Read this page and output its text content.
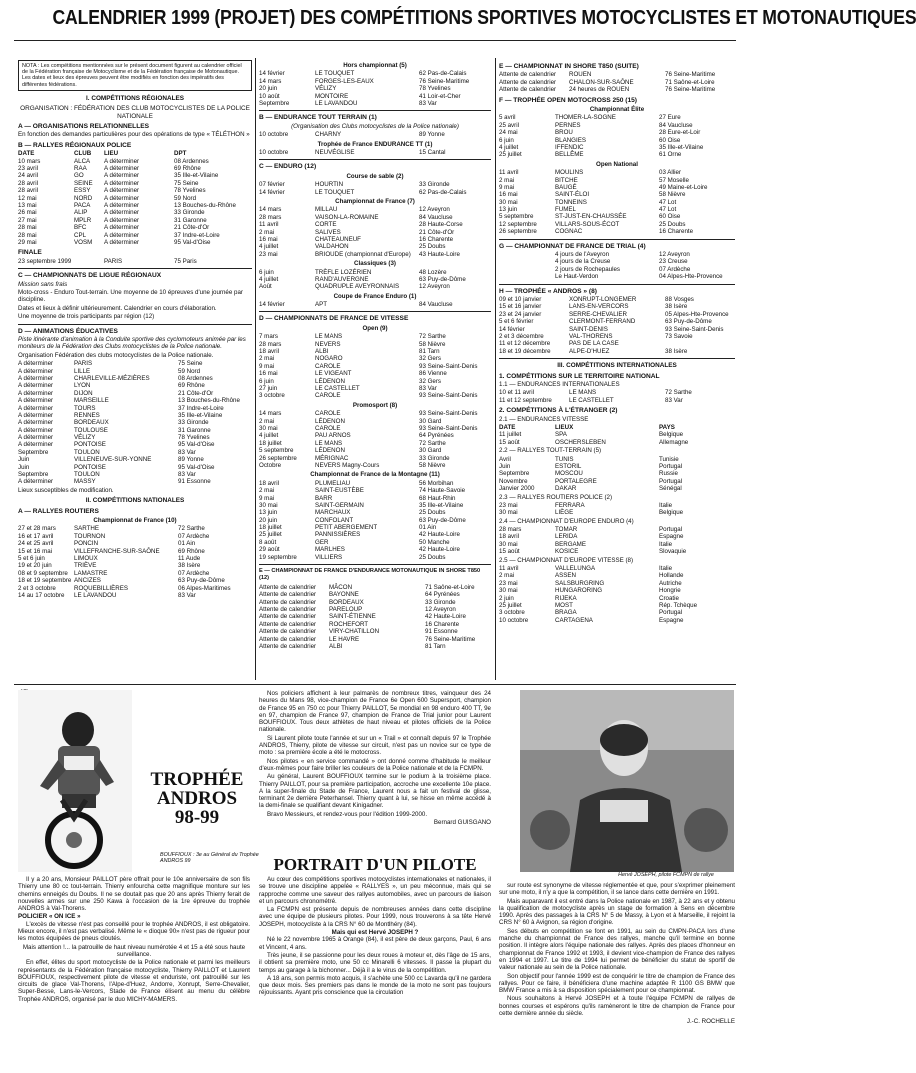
CALENDRIER 1999 (PROJET) DES COMPÉTITIONS SPORTIVES MOTOCYCLISTES ET MOTONAUTIQUES
NOTA : Les compétitions mentionnées sur le présent document figurent au calendrier officiel de la Fédération française de Motocyclisme et de la Fédération française de Motonautique. Les dates et lieux des épreuves peuvent être modifiés en fonction des impératifs des différentes fédérations.
I. COMPÉTITIONS RÉGIONALES
ORGANISATION : FÉDÉRATION DES CLUB MOTOCYCLISTES DE LA POLICE NATIONALE
A — ORGANISATIONS RELATIONNELLES
En fonction des demandes particulières pour des opérations de type « TÉLÉTHON »
B — RALLYES RÉGIONAUX POLICE
DATE	CLUB	LIEU	DPT
10 mars	ALCA	A déterminer	08 Ardennes
23 avril	RAA	A déterminer	69 Rhône
24 avril	GO	A déterminer	35 Ille-et-Vilaine
28 avril	SEINE	A déterminer	75 Seine
28 avril	ESSY	A déterminer	78 Yvelines
12 mai	NORD	A déterminer	59 Nord
13 mai	PACA	A déterminer	13 Bouches-du-Rhône
26 mai	ALIP	A déterminer	33 Gironde
27 mai	MPLR	A déterminer	31 Garonne
28 mai	BFC	A déterminer	21 Côte-d'Or
28 mai	CPL	A déterminer	37 Indre-et-Loire
29 mai	VOSM	A déterminer	95 Val-d'Oise
FINALE
23 septembre 1999	PARIS	75 Paris
C — CHAMPIONNATS DE LIGUE RÉGIONAUX
Mission sans frais
Moto-cross - Enduro Tout-terrain. Une moyenne de 10 épreuves d'une journée par discipline.
Dates et lieux à définir ultérieurement. Calendrier en cours d'élaboration.
Une moyenne de trois participants par région (12)
D — ANIMATIONS ÉDUCATIVES
Piste itinérante d'animation à la Conduite sportive des cyclomoteurs animée par les moniteurs de la Fédération des Clubs motocyclistes de la Police nationale.
Organisation Fédération des clubs motocyclistes de la Police nationale.
A déterminer	PARIS	75 Seine
A déterminer	LILLE	59 Nord
A déterminer	CHARLEVILLE-MÉZIÈRES	08 Ardennes
A déterminer	LYON	69 Rhône
A déterminer	DIJON	21 Côte-d'Or
A déterminer	MARSEILLE	13 Bouches-du-Rhône
A déterminer	TOURS	37 Indre-et-Loire
A déterminer	RENNES	35 Ille-et-Vilaine
A déterminer	BORDEAUX	33 Gironde
A déterminer	TOULOUSE	31 Garonne
A déterminer	VÉLIZY	78 Yvelines
A déterminer	PONTOISE	95 Val-d'Oise
Septembre	TOULON	83 Var
Juin	VILLENEUVE-SUR-YONNE	89 Yonne
Juin	PONTOISE	95 Val-d'Oise
Septembre	TOULON	83 Var
A déterminer	MASSY	91 Essonne
Lieux susceptibles de modification.
II. COMPÉTITIONS NATIONALES
A — RALLYES ROUTIERS
Championnat de France (10)
27 et 28 mars	SARTHE	72 Sarthe
16 et 17 avril	TOURNON	07 Ardèche
24 et 25 avril	PONCIN	01 Ain
15 et 16 mai	VILLEFRANCHE-SUR-SAÔNE	69 Rhône
5 et 6 juin	LIMOUX	11 Aude
19 et 20 juin	TRIÈVE	38 Isère
08 et 9 septembre LAMASTRE	07 Ardèche
18 et 19 septembre ANCIZES	63 Puy-de-Dôme
2 et 3 octobre	ROQUEBILLIÈRES	06 Alpes-Maritimes
14 au 17 octobre	LE LAVANDOU	83 Var
Hors championnat (5)
14 février	LE TOUQUET	62 Pas-de-Calais
14 mars	FORGES-LES-EAUX	76 Seine-Maritime
20 juin	VÉLIZY	78 Yvelines
10 août	MONTOIRE	41 Loir-et-Cher
Septembre	LE LAVANDOU	83 Var
B — ENDURANCE TOUT TERRAIN (1)
(Organisation des Clubs motocyclistes de la Police nationale)
10 octobre	CHARNY	89 Yonne
Trophée de France ENDURANCE TT (1)
10 octobre	NEUVÉGLISE	15 Cantal
C — ENDURO (12)
Course de sable (2)
07 février	HOURTIN	33 Gironde
14 février	LE TOUQUET	62 Pas-de-Calais
Championnat de France (7)
14 mars	MILLAU	12 Aveyron
28 mars	VAISON-LA-ROMAINE	84 Vaucluse
11 avril	CORTE	28 Haute-Corse
2 mai	SALIVES	21 Côte-d'Or
16 mai	CHATEAUNEUF	16 Charente
4 juillet	VALDAHON	25 Doubs
23 mai	BRIOUDE (championnat d'Europe)	43 Haute-Loire
Classiques (3)
6 juin	TRÈFLE LOZÉRIEN	48 Lozère
4 juillet	RAND'AUVERGNE	63 Puy-de-Dôme
Août	QUADRUPLE AVEYRONNAIS	12 Aveyron
Coupe de France Enduro (1)
14 février	APT	84 Vaucluse
D — CHAMPIONNATS DE FRANCE DE VITESSE
Open (9)
7 mars	LE MANS	72 Sarthe
28 mars	NEVERS	58 Nièvre
18 avril	ALBI	81 Tarn
2 mai	NOGARO	32 Gers
9 mai	CAROLE	93 Seine-Saint-Denis
16 mai	LE VIGEANT	86 Vienne
6 juin	LÉDENON	32 Gers
27 juin	LE CASTELLET	83 Var
3 octobre	CAROLE	93 Seine-Saint-Denis
Promosport (8)
14 mars	CAROLE	93 Seine-Saint-Denis
2 mai	LÉDENON	30 Gard
30 mai	CAROLE	93 Seine-Saint-Denis
4 juillet	PAU ARNOS	64 Pyrénées
18 juillet	LE MANS	72 Sarthe
5 septembre	LÉDENON	30 Gard
26 septembre	MÉRIGNAC	33 Gironde
Octobre	NEVERS Magny-Cours	58 Nièvre
Championnat de France de la Montagne (11)
18 avril	PLUMELIAU	56 Morbihan
2 mai	SAINT-EUSTÈBE	74 Haute-Savoie
9 mai	BARR	68 Haut-Rhin
30 mai	SAINT-GERMAIN	35 Ille-et-Vilaine
13 juin	MARCHAUX	25 Doubs
20 juin	CONFOLANT	63 Puy-de-Dôme
18 juillet	PETIT ABERGEMENT	01 Ain
25 juillet	PANNISSIÈRES	42 Haute-Loire
8 août	GER	50 Manche
29 août	MARLHES	42 Haute-Loire
19 septembre	VILLIERS	25 Doubs
E — CHAMPIONNAT DE FRANCE D'ENDURANCE MOTONAUTIQUE IN SHORE T850 (12)
Attente de calendrier	MÂCON	71 Saône-et-Loire
Attente de calendrier	BAYONNE	64 Pyrénées
Attente de calendrier	BORDEAUX	33 Gironde
Attente de calendrier	PARELOUP	12 Aveyron
Attente de calendrier	SAINT-ÉTIENNE	42 Haute-Loire
Attente de calendrier	ROCHEFORT	16 Charente
Attente de calendrier	VIRY-CHATILLON	91 Essonne
Attente de calendrier	LE HAVRE	76 Seine-Maritime
Attente de calendrier	ALBI	81 Tarn
E — CHAMPIONNAT IN SHORE T850 (SUITE)
Attente de calendrier	ROUEN	76 Seine-Maritime
Attente de calendrier	CHALON-SUR-SAÔNE	71 Saône-et-Loire
Attente de calendrier	24 heures de ROUEN	76 Seine-Maritime
F — TROPHÉE OPEN MOTOCROSS 250 (15)
Championnat Élite
5 avril	THOMER-LA-SOGNE	27 Eure
25 avril	PERNES	84 Vaucluse
24 mai	BROU	28 Eure-et-Loir
6 juin	BLANGIES	60 Oise
4 juillet	IFFENDIC	35 Ille-et-Vilaine
25 juillet	BELLÊME	61 Orne
Open National
11 avril	MOULINS	03 Allier
2 mai	BITCHE	57 Moselle
9 mai	BAUGÉ	49 Maine-et-Loire
16 mai	SAINT-ÉLOI	58 Nièvre
30 mai	TONNEINS	47 Lot
13 juin	FUMEL	47 Lot
5 septembre	ST-JUST-EN-CHAUSSÉE	60 Oise
12 septembre	VILLARS-SOUS-ÉCOT	25 Doubs
26 septembre	COGNAC	16 Charente
G — CHAMPIONNAT DE FRANCE DE TRIAL (4)
4 jours de l'Aveyron	12 Aveyron
4 jours de la Creuse	23 Creuse
2 jours de Rochepaules	07 Ardèche
Le Haut-Verdon	04 Alpes-Hte-Provence
H — TROPHÉE « ANDROS » (8)
09 et 10 janvier	XONRUPT-LONGEMER	88 Vosges
15 et 16 janvier	LANS-EN-VERCORS	38 Isère
23 et 24 janvier	SERRE-CHEVALIER	05 Alpes-Hte-Provence
5 et 6 février	CLERMONT-FERRAND	63 Puy-de-Dôme
14 février	SAINT-DENIS	93 Seine-Saint-Denis
2 et 3 décembre	VAL-THORENS	73 Savoie
11 et 12 décembre	PAS DE LA CASE
18 et 19 décembre	ALPE-D'HUEZ	38 Isère
III. COMPÉTITIONS INTERNATIONALES
1. COMPÉTITIONS SUR LE TERRITOIRE NATIONAL
1.1 — ENDURANCES INTERNATIONALES
10 et 11 avril	LE MANS	72 Sarthe
11 et 12 septembre	LE CASTELLET	83 Var
2. COMPÉTITIONS À L'ÉTRANGER (2)
2.1 — ENDURANCES VITESSE
DATE	LIEUX	PAYS
11 juillet	SPA	Belgique
15 août	OSCHERSLEBEN	Allemagne
2.2 — RALLYES TOUT-TERRAIN (5)
Avril	TUNIS	Tunisie
Juin	ESTORIL	Portugal
Septembre	MOSCOU	Russie
Novembre	PORTALEGRE	Portugal
Janvier 2000	DAKAR	Sénégal
2.3 — RALLYES ROUTIERS POLICE (2)
23 mai	FERRARA	Italie
30 mai	LIÈGE	Belgique
2.4 — CHAMPIONNAT D'EUROPE ENDURO (4)
28 mars	TOMAR	Portugal
18 avril	LERIDA	Espagne
30 mai	BERGAME	Italie
15 août	KOSICE	Slovaquie
2.5 — CHAMPIONNAT D'EUROPE VITESSE (8)
11 avril	VALLELUNGA	Italie
2 mai	ASSEN	Hollande
23 mai	SALSBURGRING	Autriche
30 mai	HUNGARORING	Hongrie
2 juin	RIJEKA	Croatie
25 juillet	MOST	Rép. Tchèque
3 octobre	BRAGA	Portugal
10 octobre	CARTAGENA	Espagne
TROPHÉE
ANDROS
98-99
BOUFFIOUX : 3e au Général du Trophée ANDROS 99

Il y a 20 ans, Monsieur PAILLOT père offrait pour le 10e anniversaire de son fils Thierry une 80 cc tout-terrain. Thierry enfourcha cette magnifique monture sur les chemins enneigés du Doubs. Il ne se doutait pas que 20 ans après Thierry ferait de nouvelles armes sur une 250 Kawa à l'occasion de la 1re épreuve du trophée ANDROS à Val-Thorens.

POLICIER « ON ICE »

L'excès de vitesse n'est pas conseillé pour le trophée ANDROS, il est obligatoire. Mieux encore, il n'est pas verbalisé. Même le « dioque 90» n'est pas de rigueur pour les motos équipées de pneus cloutés.

Mais attention !... la patrouille de haut niveau numérotée 4 et 15 a été sous haute surveillance.

En effet, élites du sport motocycliste de la Police nationale et parmi les meilleurs représentants de la Fédération française motocycliste, Thierry PAILLOT et Laurent BOUFFIOUX, respectivement pilote de vitesse et enduriste, ont patrouillé sur les circuits de glace Val-Thorens, l'Alpe-d'Huez, Andorre, Xonrupt, Serre-Chevalier, Super-Besse, Lans-le-Vercors, Stade de France élisent au menu du célèbre Trophée ANDROS, organisé par le duo MICHY-MAMERS.

Nos policiers affichent à leur palmarès de nombreux titres, vainqueur des 24 heures du Mans 98, vice-champion de France 6e Open 600 Supersport, champion de France 95 en 750 cc pour Thierry PAILLOT, 5e mondial en 98 enduro 400 TT, 9e en 97, champion de France 97, champion de France de Trial junior pour Laurent BOUFFIOUX. Tous deux athlètes de haut niveau et pilotes officiels de la Police nationale.

Si Laurent pilote toute l'année et sur un « Trail » et connaît depuis 97 le Trophée ANDROS, Thierry, pilote de vitesse sur circuit, n'est pas un novice sur ce type de moto : sa première école a été le motocross.

Nos pilotes « en service commandé » ont donné comme d'habitude le meilleur d'eux-mêmes pour faire briller les couleurs de la Police nationale et de la FCMPN.

Au général, Laurent BOUFFIOUX termine sur le podium à la troisième place. Thierry PAILLOT, pour sa première participation, accroche une excellente 10e place. A la super-finale du Stade de France, Laurent nous a fait un festival de glisse, terminant 2e derrière Peterhansel. Thierry quant à lui, se hisse en même accédé à la demi-finale se qualifiant devant Kinigadner.

Bravo Messieurs, et rendez-vous pour l'édition 1999-2000.

Bernard GUISGANO
PORTRAIT D'UN PILOTE

Au cœur des compétitions sportives motocyclistes internationales et nationales, il se trouve une discipline appelée « RALLYES », un peu méconnue, mais qui se rapproche comme une saveur des rallyes automobiles, avec un parcours de liaison et un parcours chronométré.

La FCMPN est présente depuis de nombreuses années dans cette discipline avec une équipe de plusieurs pilotes. Pour 1999, nous trouverons à sa tête Hervé JOSEPH, motocycliste à la CRS N° 60 de Montlhéry (84).

Mais qui est Hervé JOSEPH ?

Né le 22 novembre 1965 à Orange (84), il est père de deux garçons, Paul, 6 ans et Vincent, 4 ans.

Très jeune, il se passionne pour les deux roues à moteur et, dès l'âge de 15 ans, il obtient sa première moto, une 50 cc Minarelli 6 vitesses. Il passe la plupart du temps au garage à la bichonner... Déjà il a le virus de la compétition.

A 18 ans, son permis moto acquis, il s'achète une 500 cc Lavarda qu'il ne gardera que deux mois. Ses premiers pas dans le monde de la moto ne sont pas toujours réjouissants. Ayant pris conscience que la circulation

Hervé JOSEPH, pilote FCMPN de rallye

sur route est synonyme de vitesse réglementée et que, pour s'exprimer pleinement sur une moto, il n'y a que la compétition, il se lance dans cette dernière en 1991.

Mais auparavant il est entré dans la Police nationale en 1987, à 22 ans et y obtenu la qualification de motocycliste après un stage de formation à Sens en décembre 1990. Après des passages à la CRS N° 5 de Massy, à Lyon et à Marseille, il rejoint la CRS N° 60 à Avignon, sa région d'origine.

Ses débuts en compétition se font en 1991, au sein du CMPN-PACA lors d'une manche du championnat de France des rallyes, manche qu'il termine en bonne position. Il intègre alors l'équipe nationale des rallyes. Après des places d'honneur en championnat de France 1992 et 1993, il devient vice-champion de France des rallyes en 1994 et 1997. Le titre de 1994 lui permet de bénéficier du statut de sportif de valeur nationale au sein de la Police nationale.

Son objectif pour l'année 1999 est de conquérir le titre de champion de France des rallyes. Pour ce faire, il bénéficiera d'une machine adaptée R 1100 GS BMW que BMW France a mis à sa disposition spécialement pour ce championnat.

Nous souhaitons à Hervé JOSEPH et à toute l'équipe FCMPN de rallyes de bonnes courses et espérons qu'ils ramèneront le titre de champion de France pour cette dernière année du siècle.

J.-C. ROCHELLE
